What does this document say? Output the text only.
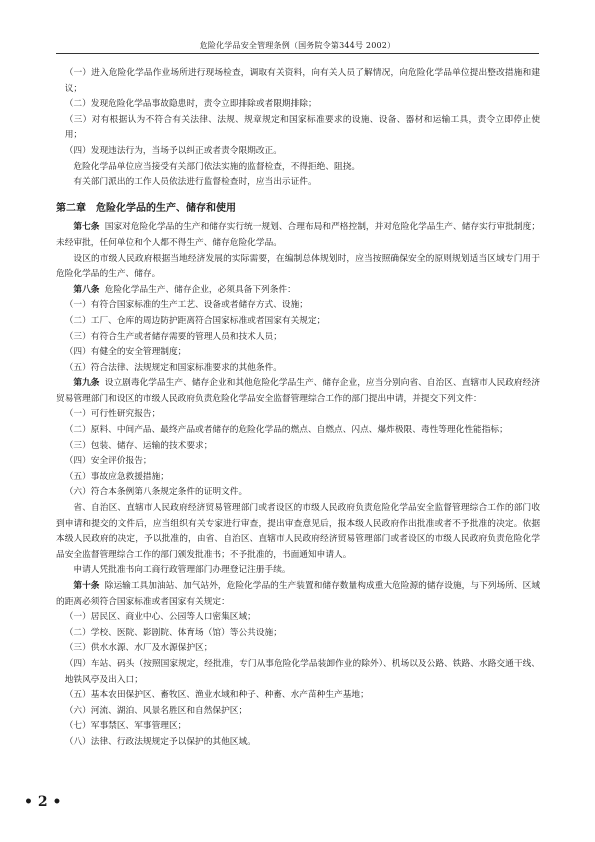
危险化学品安全管理条例（国务院令第344号 2002）

（一）进入危险化学品作业场所进行现场检查，调取有关资料，向有关人员了解情况，向危险化学品单位提出整改措施和建议；

（二）发现危险化学品事故隐患时，责令立即排除或者限期排除；

（三）对有根据认为不符合有关法律、法规、规章规定和国家标准要求的设施、设备、器材和运输工具，责令立即停止使用；

（四）发现违法行为，当场予以纠正或者责令限期改正。

危险化学品单位应当接受有关部门依法实施的监督检查，不得拒绝、阻挠。

有关部门派出的工作人员依法进行监督检查时，应当出示证件。

第二章　危险化学品的生产、储存和使用

第七条 国家对危险化学品的生产和储存实行统一规划、合理布局和严格控制，并对危险化学品生产、储存实行审批制度；未经审批，任何单位和个人都不得生产、储存危险化学品。

设区的市级人民政府根据当地经济发展的实际需要，在编制总体规划时，应当按照确保安全的原则规划适当区域专门用于危险化学品的生产、储存。

第八条 危险化学品生产、储存企业，必须具备下列条件：

（一）有符合国家标准的生产工艺、设备或者储存方式、设施；

（二）工厂、仓库的周边防护距离符合国家标准或者国家有关规定；

（三）有符合生产或者储存需要的管理人员和技术人员；

（四）有健全的安全管理制度；

（五）符合法律、法规规定和国家标准要求的其他条件。

第九条 设立剧毒化学品生产、储存企业和其他危险化学品生产、储存企业，应当分别向省、自治区、直辖市人民政府经济贸易管理部门和设区的市级人民政府负责危险化学品安全监督管理综合工作的部门提出申请，并提交下列文件：

（一）可行性研究报告；

（二）原料、中间产品、最终产品或者储存的危险化学品的燃点、自燃点、闪点、爆炸极限、毒性等理化性能指标；

（三）包装、储存、运输的技术要求；

（四）安全评价报告；

（五）事故应急救援措施；

（六）符合本条例第八条规定条件的证明文件。

省、自治区、直辖市人民政府经济贸易管理部门或者设区的市级人民政府负责危险化学品安全监督管理综合工作的部门收到申请和提交的文件后，应当组织有关专家进行审查，提出审查意见后，报本级人民政府作出批准或者不予批准的决定。依据本级人民政府的决定，予以批准的，由省、自治区、直辖市人民政府经济贸易管理部门或者设区的市级人民政府负责危险化学品安全监督管理综合工作的部门颁发批准书；不予批准的，书面通知申请人。

申请人凭批准书向工商行政管理部门办理登记注册手续。

第十条 除运输工具加油站、加气站外，危险化学品的生产装置和储存数量构成重大危险源的储存设施，与下列场所、区域的距离必须符合国家标准或者国家有关规定：

（一）居民区、商业中心、公园等人口密集区域；

（二）学校、医院、影剧院、体育场（馆）等公共设施；

（三）供水水源、水厂及水源保护区；

（四）车站、码头（按照国家规定，经批准，专门从事危险化学品装卸作业的除外）、机场以及公路、铁路、水路交通干线、地铁风亭及出入口；

（五）基本农田保护区、畜牧区、渔业水域和种子、种畜、水产苗种生产基地；

（六）河流、湖泊、风景名胜区和自然保护区；

（七）军事禁区、军事管理区；

（八）法律、行政法规规定予以保护的其他区域。

• 2 •
